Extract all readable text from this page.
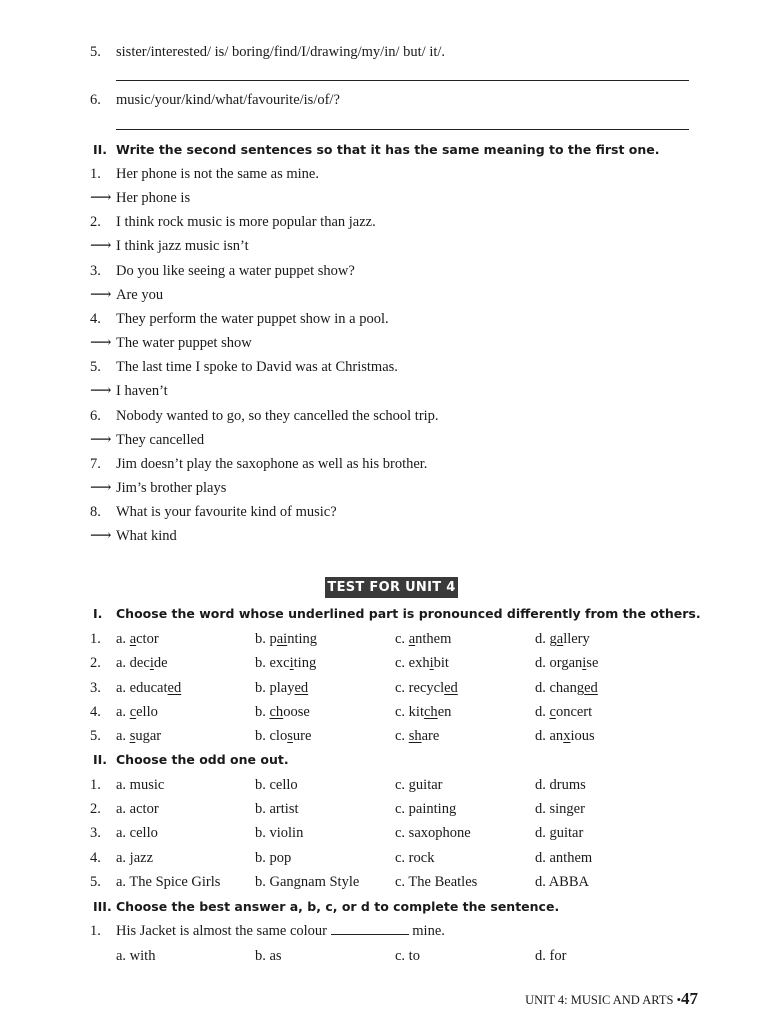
5.	sister/interested/ is/ boring/find/I/drawing/my/in/ but/ it/.
6.	music/your/kind/what/favourite/is/of/?
II. Write the second sentences so that it has the same meaning to the first one.
1.	Her phone is not the same as mine.
⟶ Her phone is
2.	I think rock music is more popular than jazz.
⟶ I think jazz music isn’t
3.	Do you like seeing a water puppet show?
⟶ Are you
4.	They perform the water puppet show in a pool.
⟶ The water puppet show
5.	The last time I spoke to David was at Christmas.
⟶ I haven’t
6.	Nobody wanted to go, so they cancelled the school trip.
⟶ They cancelled
7.	Jim doesn’t play the saxophone as well as his brother.
⟶ Jim’s brother plays
8.	What is your favourite kind of music?
⟶ What kind
TEST FOR UNIT 4
I. Choose the word whose underlined part is pronounced differently from the others.
1.	a. actor	b. painting	c. anthem	d. gallery
2.	a. decide	b. exciting	c. exhibit	d. organise
3.	a. educated	b. played	c. recycled	d. changed
4.	a. cello	b. choose	c. kitchen	d. concert
5.	a. sugar	b. closure	c. share	d. anxious
II. Choose the odd one out.
1.	a. music	b. cello	c. guitar	d. drums
2.	a. actor	b. artist	c. painting	d. singer
3.	a. cello	b. violin	c. saxophone	d. guitar
4.	a. jazz	b. pop	c. rock	d. anthem
5.	a. The Spice Girls b. Gangnam Style c. The Beatles	d. ABBA
III. Choose the best answer a, b, c, or d to complete the sentence.
1.	His Jacket is almost the same colour	mine.
a. with	b. as	c. to	d. for
UNIT 4: MUSIC AND ARTS •47
